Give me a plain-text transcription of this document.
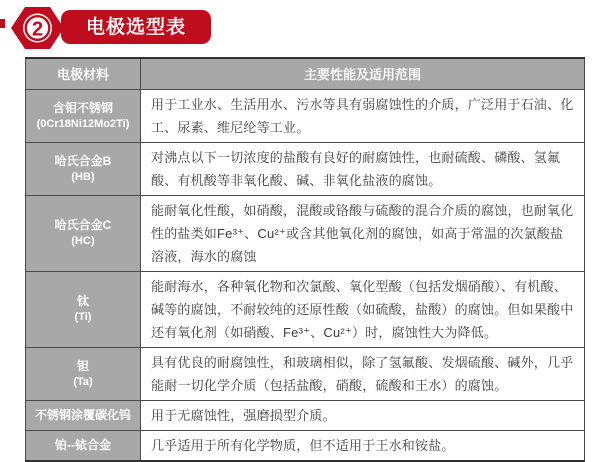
2 电极选型表
电极材料	主要性能及适用范围

含钼不锈钢
(0Cr18Ni12Mo2Ti)	用于工业水、生活用水、污水等具有弱腐蚀性的介质，广泛用于石油、化工、尿素、维尼纶等工业。

哈氏合金B
(HB)	对沸点以下一切浓度的盐酸有良好的耐腐蚀性，也耐硫酸、磷酸、氢氟酸、有机酸等非氧化酸、碱、非氧化盐液的腐蚀。

哈氏合金C
(HC)	能耐氧化性酸，如硝酸，混酸或铬酸与硫酸的混合介质的腐蚀，也耐氧化性的盐类如Fe³⁺、Cu²⁺或含其他氧化剂的腐蚀，如高于常温的次氯酸盐溶液，海水的腐蚀

钛
(Ti)	能耐海水，各种氧化物和次氯酸、氧化型酸（包括发烟硝酸）、有机酸、碱等的腐蚀，不耐较纯的还原性酸（如硫酸，盐酸）的腐蚀。但如果酸中还有氧化剂（如硝酸、Fe³⁺、Cu²⁺）时，腐蚀性大为降低。

钽
(Ta)	具有优良的耐腐蚀性，和玻璃相似，除了氢氟酸、发烟硫酸、碱外，几乎能耐一切化学介质（包括盐酸，硝酸，硫酸和王水）的腐蚀。

不锈钢涂覆碳化钨	用于无腐蚀性，强磨损型介质。

铂--铱合金	几乎适用于所有化学物质，但不适用于王水和铵盐。
